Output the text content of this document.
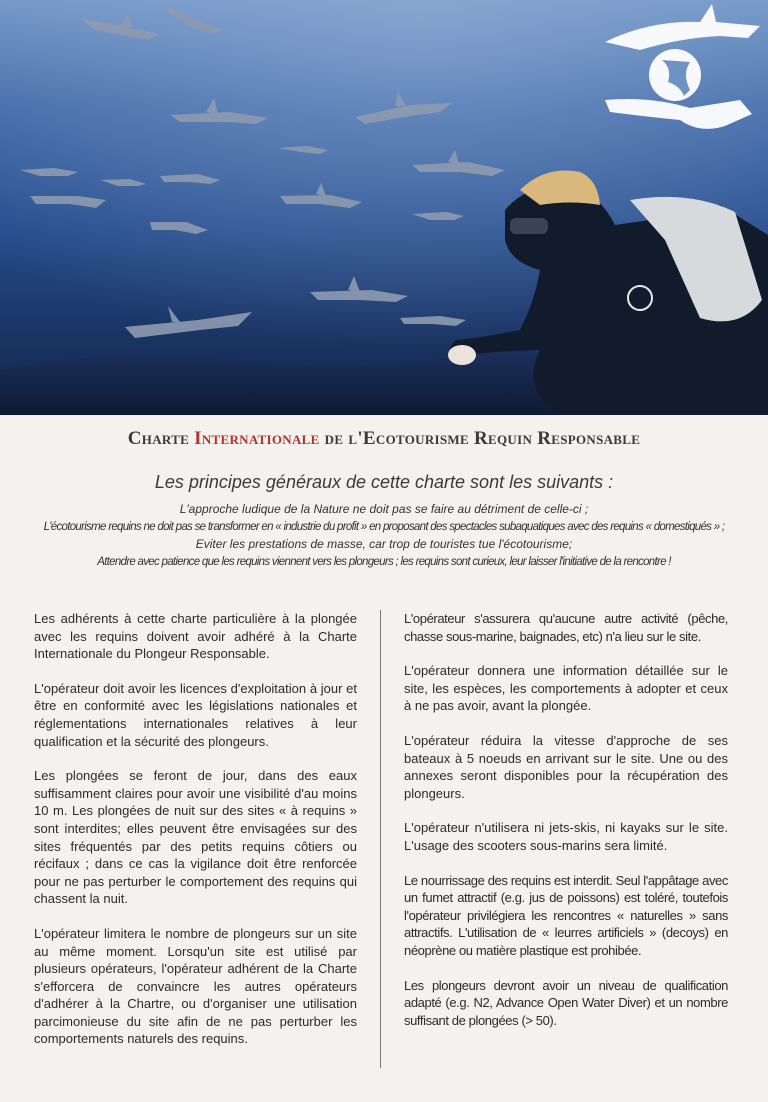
Charte Internationale de l'Ecotourisme Requin Responsable
Les principes généraux de cette charte sont les suivants :
L'approche ludique de la Nature ne doit pas se faire au détriment de celle-ci ;
L'écotourisme requins ne doit pas se transformer en « industrie du profit » en proposant des spectacles subaquatiques avec des requins « domestiqués » ;
Eviter les prestations de masse, car trop de touristes tue l'écotourisme;
Attendre avec patience que les requins viennent vers les plongeurs ; les requins sont curieux, leur laisser l'initiative de la rencontre !

Les adhérents à cette charte particulière à la plongée avec les requins doivent avoir adhéré à la Charte Internationale du Plongeur Responsable.

L'opérateur doit avoir les licences d'exploitation à jour et être en conformité avec les législations nationales et réglementations internationales relatives à leur qualification et la sécurité des plongeurs.

Les plongées se feront de jour, dans des eaux suffisamment claires pour avoir une visibilité d'au moins 10 m. Les plongées de nuit sur des sites « à requins » sont interdites; elles peuvent être envisagées sur des sites fréquentés par des petits requins côtiers ou récifaux ; dans ce cas la vigilance doit être renforcée pour ne pas perturber le comportement des requins qui chassent la nuit.

L'opérateur limitera le nombre de plongeurs sur un site au même moment. Lorsqu'un site est utilisé par plusieurs opérateurs, l'opérateur adhérent de la Charte s'efforcera de convaincre les autres opérateurs d'adhérer à la Chartre, ou d'organiser une utilisation parcimonieuse du site afin de ne pas perturber les comportements naturels des requins.

L'opérateur s'assurera qu'aucune autre activité (pêche, chasse sous-marine, baignades, etc) n'a lieu sur le site.

L'opérateur donnera une information détaillée sur le site, les espèces, les comportements à adopter et ceux à ne pas avoir, avant la plongée.

L'opérateur réduira la vitesse d'approche de ses bateaux à 5 noeuds en arrivant sur le site. Une ou des annexes seront disponibles pour la récupération des plongeurs.

L'opérateur n'utilisera ni jets-skis, ni kayaks sur le site. L'usage des scooters sous-marins sera limité.

Le nourrissage des requins est interdit. Seul l'appâtage avec un fumet attractif (e.g. jus de poissons) est toléré, toutefois l'opérateur privilégiera les rencontres « naturelles » sans attractifs. L'utilisation de « leurres artificiels » (decoys) en néoprène ou matière plastique est prohibée.

Les plongeurs devront avoir un niveau de qualification adapté (e.g. N2, Advance Open Water Diver) et un nombre suffisant de plongées (> 50).
